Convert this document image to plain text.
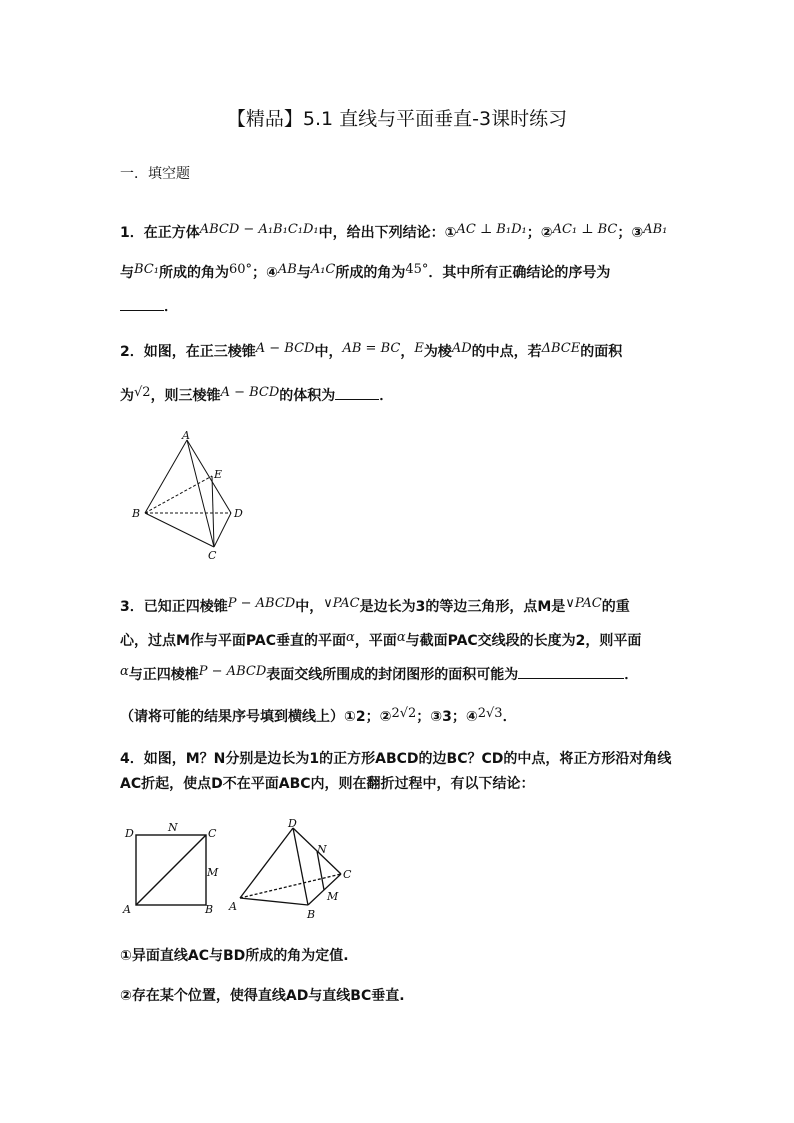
【精品】5.1 直线与平面垂直-3课时练习
一．填空题
1．在正方体ABCD − A₁B₁C₁D₁中，给出下列结论：①AC ⊥ B₁D₁；②AC₁ ⊥ BC；③AB₁
与BC₁所成的角为60°；④AB与A₁C所成的角为45°．其中所有正确结论的序号为
．
2．如图，在正三棱锥A − BCD中，AB = BC，E为棱AD的中点，若ΔBCE的面积
为√2，则三棱锥A − BCD的体积为	．
A
B
C
D
E
3．已知正四棱锥P − ABCD中，∨PAC是边长为3的等边三角形，点M是∨PAC的重
心，过点M作与平面PAC垂直的平面α，平面α与截面PAC交线段的长度为2，则平面
α与正四棱椎P − ABCD表面交线所围成的封闭图形的面积可能为	．
（请将可能的结果序号填到横线上）①2；②2√2；③3；④2√3．
4．如图，M？N分别是边长为1的正方形ABCD的边BC？CD的中点，将正方形沿对角线
AC折起，使点D不在平面ABC内，则在翻折过程中，有以下结论：
D	N	C
M
A	B
D
N
C
M
A
B
①异面直线AC与BD所成的角为定值.
②存在某个位置，使得直线AD与直线BC垂直.
